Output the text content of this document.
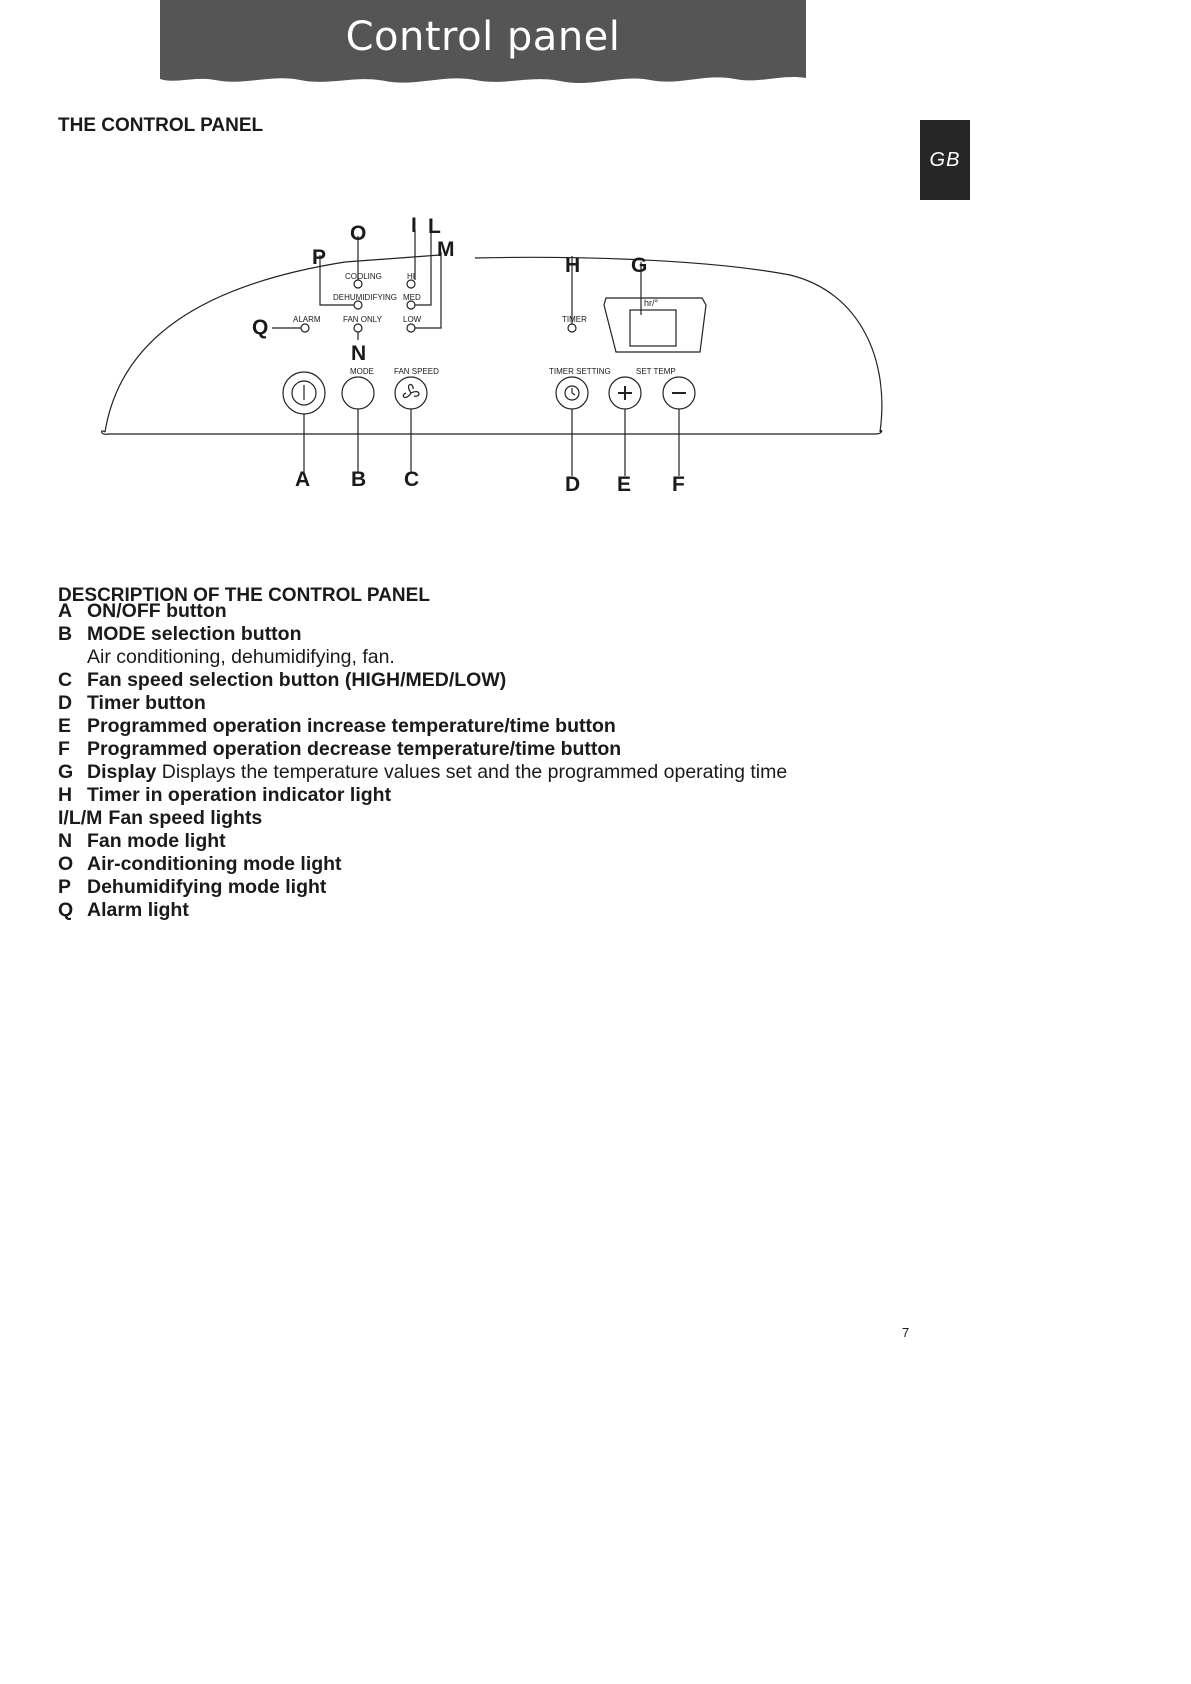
Control panel
GB
THE CONTROL PANEL
COOLING
DEHUMIDIFYING
FAN ONLY
ALARM
HI
MED
LOW
MODE	FAN SPEED
TIMER
TIMER SETTING	SET TEMP
hr/°
O I L
M
P
Q
N
H G
A B C	D E F
DESCRIPTION OF THE CONTROL PANEL
A ON/OFF button
B MODE selection button
Air conditioning, dehumidifying, fan.
C Fan speed selection button (HIGH/MED/LOW)
D Timer button
E Programmed operation increase temperature/time button
F Programmed operation decrease temperature/time button
G Display
Displays the temperature values set and the programmed operating time
H Timer in operation indicator light
I/L/M Fan speed lights
N Fan mode light
O Air-conditioning mode light
P Dehumidifying mode light
Q Alarm light
7
